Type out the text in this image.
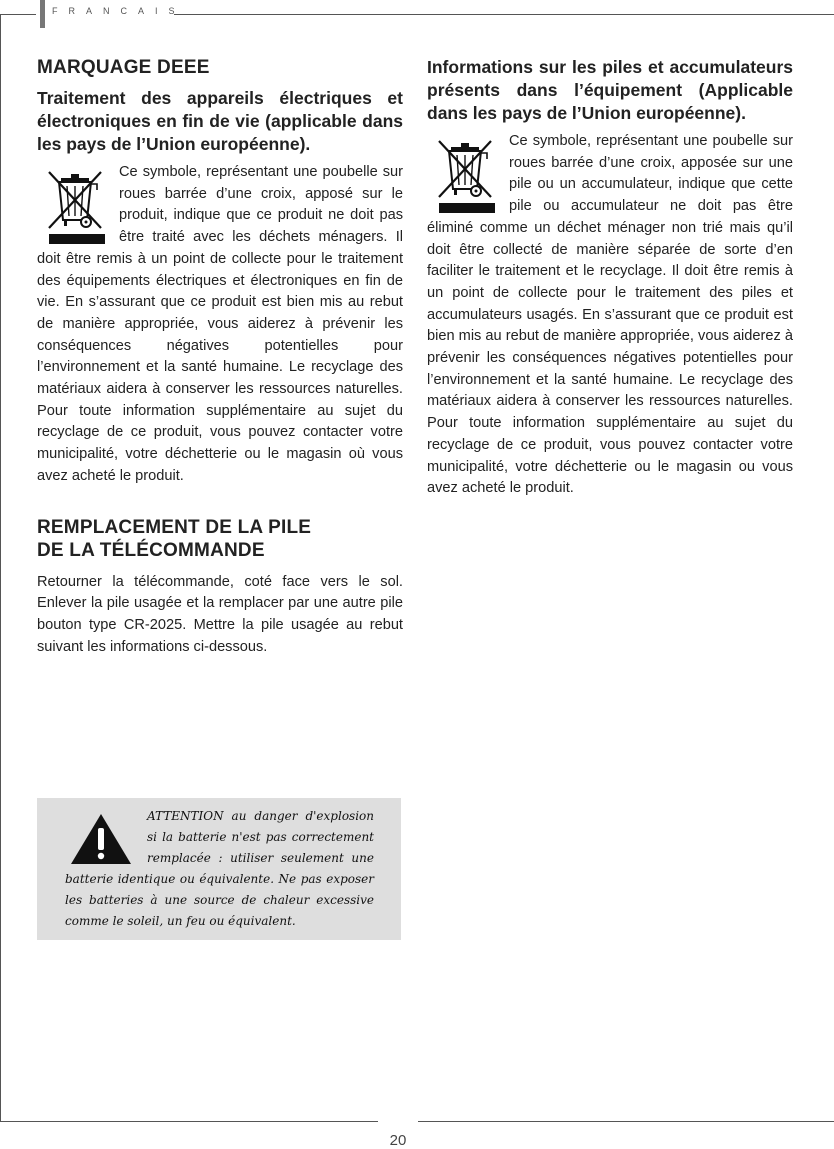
FRANCAIS
MARQUAGE DEEE
Traitement des appareils électriques et électroniques en fin de vie (applicable dans les pays de l’Union européenne).
Ce symbole, représentant une poubelle sur roues barrée d’une croix, apposé sur le produit, indique que ce produit ne doit pas être traité avec les déchets ménagers. Il doit être remis à un point de collecte pour le traitement des équipements électriques et électroniques en fin de vie. En s’assurant que ce produit est bien mis au rebut de manière appropriée, vous aiderez à prévenir les conséquences négatives potentielles pour l’environnement et la santé humaine. Le recyclage des matériaux aidera à conserver les ressources naturelles. Pour toute information supplémentaire au sujet du recyclage de ce produit, vous pouvez contacter votre municipalité, votre déchetterie ou le magasin où vous avez acheté le produit.
REMPLACEMENT DE LA PILE
DE LA TÉLÉCOMMANDE

Retourner la télécommande, coté face vers le sol. Enlever la pile usagée et la remplacer par une autre pile bouton type CR-2025. Mettre la pile usagée au rebut suivant les informations ci-dessous.

ATTENTION au danger d'explosion si la batterie n'est pas correctement remplacée : utiliser seulement une batterie identique ou équivalente. Ne pas exposer les batteries à une source de chaleur excessive comme le soleil, un feu ou équivalent.

Informations sur les piles et accumulateurs présents dans l’équipement (Applicable dans les pays de l’Union européenne).
Ce symbole, représentant une poubelle sur roues barrée d’une croix, apposée sur une pile ou un accumulateur, indique que cette pile ou accumulateur ne doit pas être éliminé comme un déchet ménager non trié mais qu’il doit être collecté de manière séparée de sorte d’en faciliter le traitement et le recyclage. Il doit être remis à un point de collecte pour le traitement des piles et accumulateurs usagés. En s’assurant que ce produit est bien mis au rebut de manière appropriée, vous aiderez à prévenir les conséquences négatives potentielles pour l’environnement et la santé humaine. Le recyclage des matériaux aidera à conserver les ressources naturelles. Pour toute information supplémentaire au sujet du recyclage de ce produit, vous pouvez contacter votre municipalité, votre déchetterie ou le magasin ou vous avez acheté le produit.
20
